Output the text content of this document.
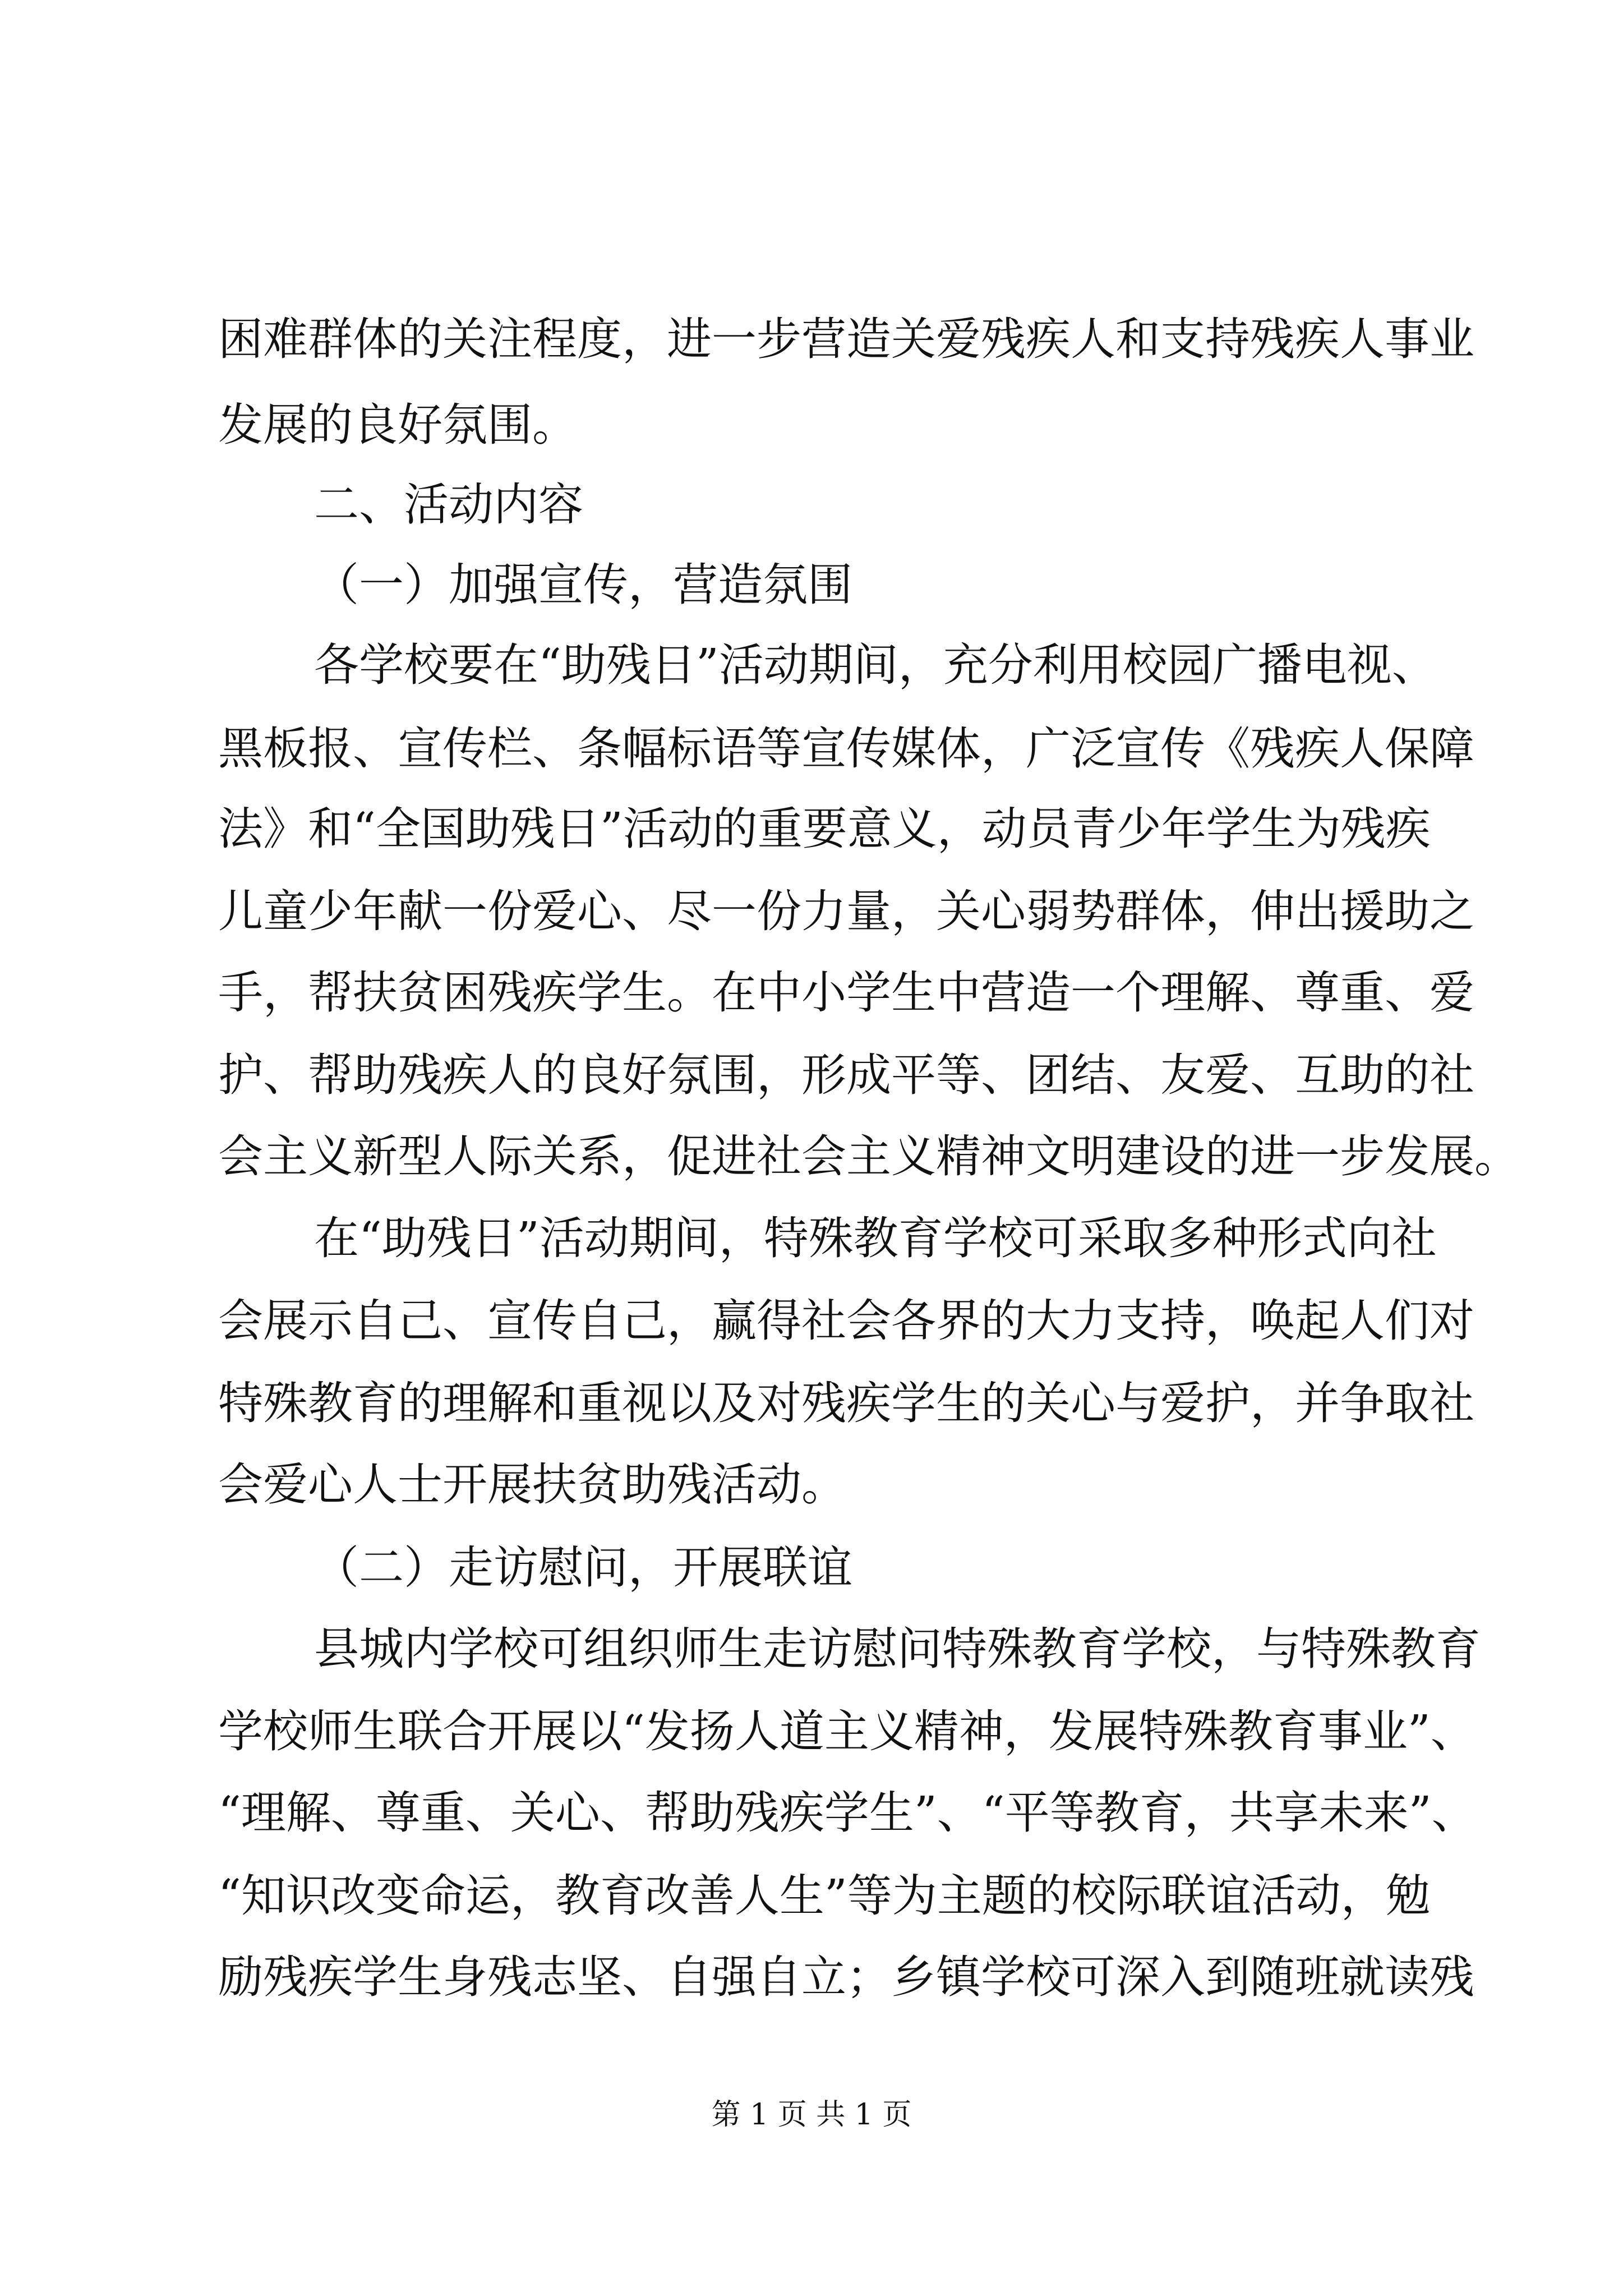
困难群体的关注程度，进一步营造关爱残疾人和支持残疾人事业
发展的良好氛围。
二、活动内容
（一）加强宣传，营造氛围
各学校要在“助残日”活动期间，充分利用校园广播电视、
黑板报、宣传栏、条幅标语等宣传媒体，广泛宣传《残疾人保障
法》和“全国助残日”活动的重要意义，动员青少年学生为残疾
儿童少年献一份爱心、尽一份力量，关心弱势群体，伸出援助之
手，帮扶贫困残疾学生。在中小学生中营造一个理解、尊重、爱
护、帮助残疾人的良好氛围，形成平等、团结、友爱、互助的社
会主义新型人际关系，促进社会主义精神文明建设的进一步发展。
在“助残日”活动期间，特殊教育学校可采取多种形式向社
会展示自己、宣传自己，赢得社会各界的大力支持，唤起人们对
特殊教育的理解和重视以及对残疾学生的关心与爱护，并争取社
会爱心人士开展扶贫助残活动。
（二）走访慰问，开展联谊
县城内学校可组织师生走访慰问特殊教育学校，与特殊教育
学校师生联合开展以“发扬人道主义精神，发展特殊教育事业”、
“理解、尊重、关心、帮助残疾学生”、“平等教育，共享未来”、
“知识改变命运，教育改善人生”等为主题的校际联谊活动，勉
励残疾学生身残志坚、自强自立；乡镇学校可深入到随班就读残
第 1 页 共 1 页
